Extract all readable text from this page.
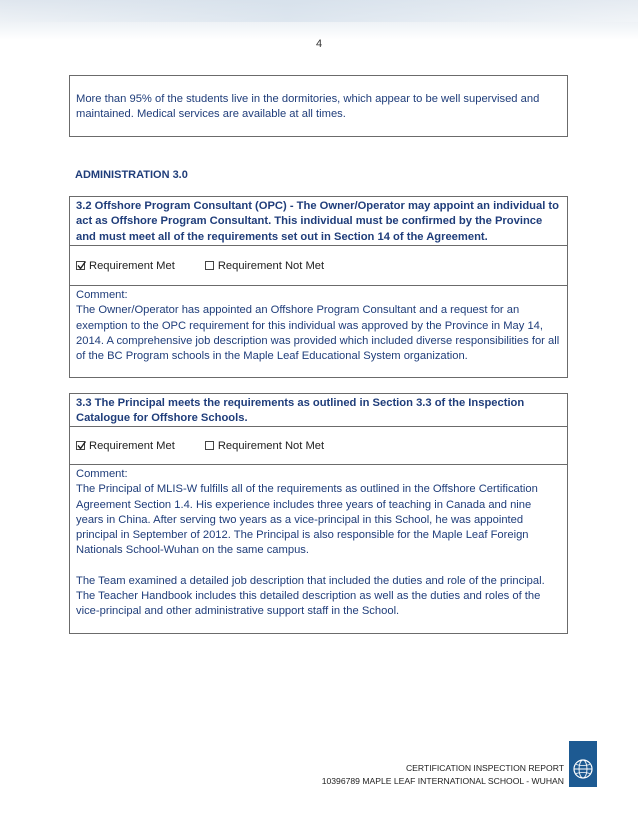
4
More than 95% of the students live in the dormitories, which appear to be well supervised and maintained. Medical services are available at all times.
ADMINISTRATION 3.0
3.2 Offshore Program Consultant (OPC) - The Owner/Operator may appoint an individual to act as Offshore Program Consultant. This individual must be confirmed by the Province and must meet all of the requirements set out in Section 14 of the Agreement.
Requirement Met	Requirement Not Met
Comment:
The Owner/Operator has appointed an Offshore Program Consultant and a request for an exemption to the OPC requirement for this individual was approved by the Province in May 14, 2014. A comprehensive job description was provided which included diverse responsibilities for all of the BC Program schools in the Maple Leaf Educational System organization.
3.3 The Principal meets the requirements as outlined in Section 3.3 of the Inspection Catalogue for Offshore Schools.
Requirement Met	Requirement Not Met
Comment:
The Principal of MLIS-W fulfills all of the requirements as outlined in the Offshore Certification Agreement Section 1.4. His experience includes three years of teaching in Canada and nine years in China. After serving two years as a vice-principal in this School, he was appointed principal in September of 2012. The Principal is also responsible for the Maple Leaf Foreign Nationals School-Wuhan on the same campus.
The Team examined a detailed job description that included the duties and role of the principal. The Teacher Handbook includes this detailed description as well as the duties and roles of the vice-principal and other administrative support staff in the School.
CERTIFICATION INSPECTION REPORT
10396789 MAPLE LEAF INTERNATIONAL SCHOOL - WUHAN
